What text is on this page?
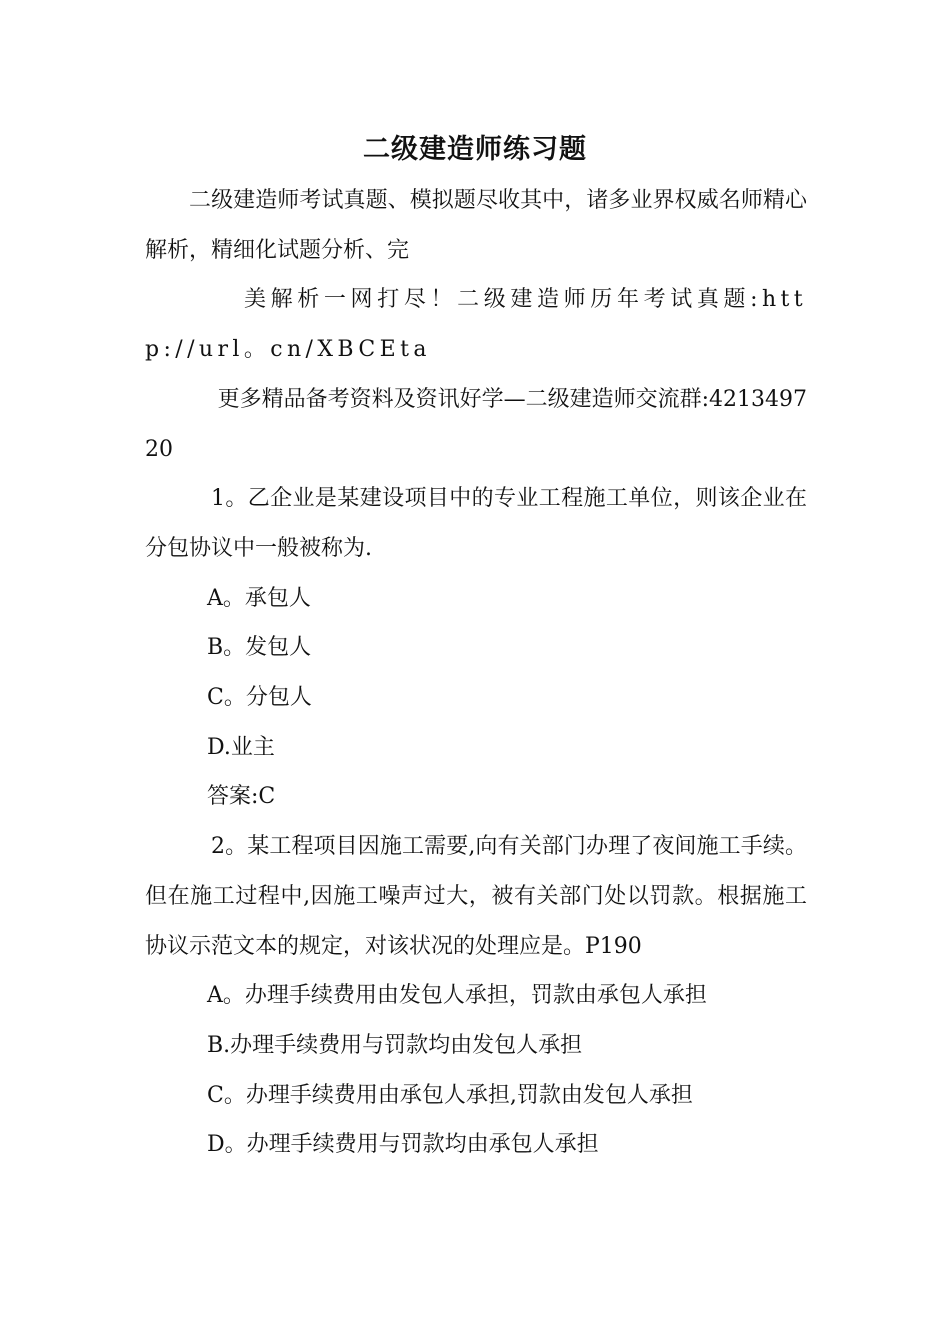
二级建造师练习题

二级建造师考试真题、模拟题尽收其中，诸多业界权威名师精心解析，精细化试题分析、完

美解析一网打尽！二级建造师历年考试真题:http://url。cn/XBCEta

更多精品备考资料及资讯好学—二级建造师交流群:421349720

1。乙企业是某建设项目中的专业工程施工单位，则该企业在分包协议中一般被称为.

A。承包人

B。发包人

C。分包人

D.业主

答案:C

2。某工程项目因施工需要,向有关部门办理了夜间施工手续。但在施工过程中,因施工噪声过大，被有关部门处以罚款。根据施工协议示范文本的规定，对该状况的处理应是。P190

A。办理手续费用由发包人承担，罚款由承包人承担

B.办理手续费用与罚款均由发包人承担

C。办理手续费用由承包人承担,罚款由发包人承担

D。办理手续费用与罚款均由承包人承担
